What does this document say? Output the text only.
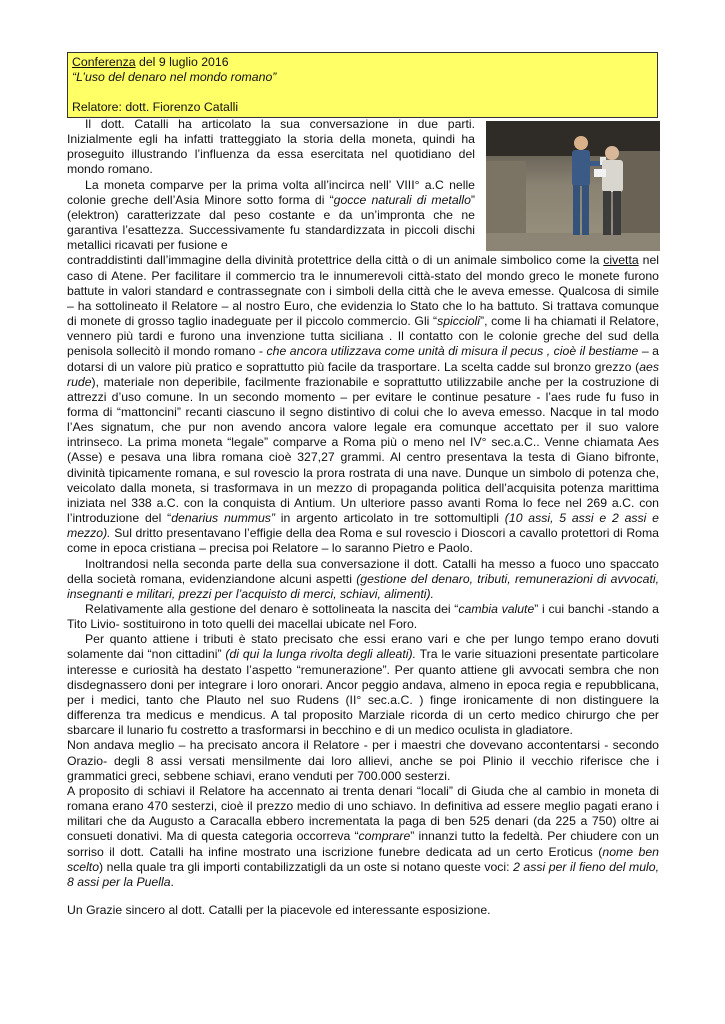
Conferenza del 9 luglio 2016

“L’uso del denaro nel mondo romano”

Relatore: dott. Fiorenzo Catalli

Il dott. Catalli ha articolato la sua conversazione in due parti. Inizialmente egli ha infatti tratteggiato la storia della moneta, quindi ha proseguito illustrando l’influenza da essa esercitata nel quotidiano del mondo romano.

La moneta comparve per la prima volta all’incirca nell’ VIII° a.C nelle colonie greche dell’Asia Minore sotto forma di “gocce naturali di metallo” (elektron) caratterizzate dal peso costante e da un’impronta che ne garantiva l’esattezza. Successivamente fu standardizzata in piccoli dischi metallici ricavati per fusione e
contraddistinti dall’immagine della divinità protettrice della città o di un animale simbolico come la civetta nel caso di Atene. Per facilitare il commercio tra le innumerevoli città-stato del mondo greco le monete furono battute in valori standard e contrassegnate con i simboli della città che le aveva emesse. Qualcosa di simile – ha sottolineato il Relatore – al nostro Euro, che evidenzia lo Stato che lo ha battuto. Si trattava comunque di monete di grosso taglio inadeguate per il piccolo commercio. Gli “spiccioli”, come li ha chiamati il Relatore, vennero più tardi e furono una invenzione tutta siciliana . Il contatto con le colonie greche del sud della penisola sollecitò il mondo romano - che ancora utilizzava come unità di misura il pecus , cioè il bestiame – a dotarsi di un valore più pratico e soprattutto più facile da trasportare. La scelta cadde sul bronzo grezzo (aes rude), materiale non deperibile, facilmente frazionabile e soprattutto utilizzabile anche per la costruzione di attrezzi d’uso comune. In un secondo momento – per evitare le continue pesature - l’aes rude fu fuso in forma di “mattoncini” recanti ciascuno il segno distintivo di colui che lo aveva emesso. Nacque in tal modo l’Aes signatum, che pur non avendo ancora valore legale era comunque accettato per il suo valore intrinseco. La prima moneta “legale” comparve a Roma più o meno nel IV° sec.a.C.. Venne chiamata Aes (Asse) e pesava una libra romana cioè 327,27 grammi. Al centro presentava la testa di Giano bifronte, divinità tipicamente romana, e sul rovescio la prora rostrata di una nave. Dunque un simbolo di potenza che, veicolato dalla moneta, si trasformava in un mezzo di propaganda politica dell’acquisita potenza marittima iniziata nel 338 a.C. con la conquista di Antium. Un ulteriore passo avanti Roma lo fece nel 269 a.C. con l’introduzione del “denarius nummus” in argento articolato in tre sottomultipli (10 assi, 5 assi e 2 assi e mezzo). Sul dritto presentavano l’effigie della dea Roma e sul rovescio i Dioscori a cavallo protettori di Roma come in epoca cristiana – precisa poi Relatore – lo saranno Pietro e Paolo.

Inoltrandosi nella seconda parte della sua conversazione il dott. Catalli ha messo a fuoco uno spaccato della società romana, evidenziandone alcuni aspetti (gestione del denaro, tributi, remunerazioni di avvocati, insegnanti e militari, prezzi per l’acquisto di merci, schiavi, alimenti).

Relativamente alla gestione del denaro è sottolineata la nascita dei “cambia valute” i cui banchi -stando a Tito Livio- sostituirono in toto quelli dei macellai ubicate nel Foro.

Per quanto attiene i tributi è stato precisato che essi erano vari e che per lungo tempo erano dovuti solamente dai “non cittadini” (di qui la lunga rivolta degli alleati). Tra le varie situazioni presentate particolare interesse e curiosità ha destato l’aspetto “remunerazione”. Per quanto attiene gli avvocati sembra che non disdegnassero doni per integrare i loro onorari. Ancor peggio andava, almeno in epoca regia e repubblicana, per i medici, tanto che Plauto nel suo Rudens (II° sec.a.C. ) finge ironicamente di non distinguere la differenza tra medicus e mendicus. A tal proposito Marziale ricorda di un certo medico chirurgo che per sbarcare il lunario fu costretto a trasformarsi in becchino e di un medico oculista in gladiatore.

Non andava meglio – ha precisato ancora il Relatore - per i maestri che dovevano accontentarsi - secondo Orazio- degli 8 assi versati mensilmente dai loro allievi, anche se poi Plinio il vecchio riferisce che i grammatici greci, sebbene schiavi, erano venduti per 700.000 sesterzi.

A proposito di schiavi il Relatore ha accennato ai trenta denari “locali” di Giuda che al cambio in moneta di romana erano 470 sesterzi, cioè il prezzo medio di uno schiavo. In definitiva ad essere meglio pagati erano i militari che da Augusto a Caracalla ebbero incrementata la paga di ben 525 denari (da 225 a 750) oltre ai consueti donativi. Ma di questa categoria occorreva “comprare” innanzi tutto la fedeltà. Per chiudere con un sorriso il dott. Catalli ha infine mostrato una iscrizione funebre dedicata ad un certo Eroticus (nome ben scelto) nella quale tra gli importi contabilizzatigli da un oste si notano queste voci: 2 assi per il fieno del mulo, 8 assi per la Puella.

Un Grazie sincero al dott. Catalli per la piacevole ed interessante esposizione.
